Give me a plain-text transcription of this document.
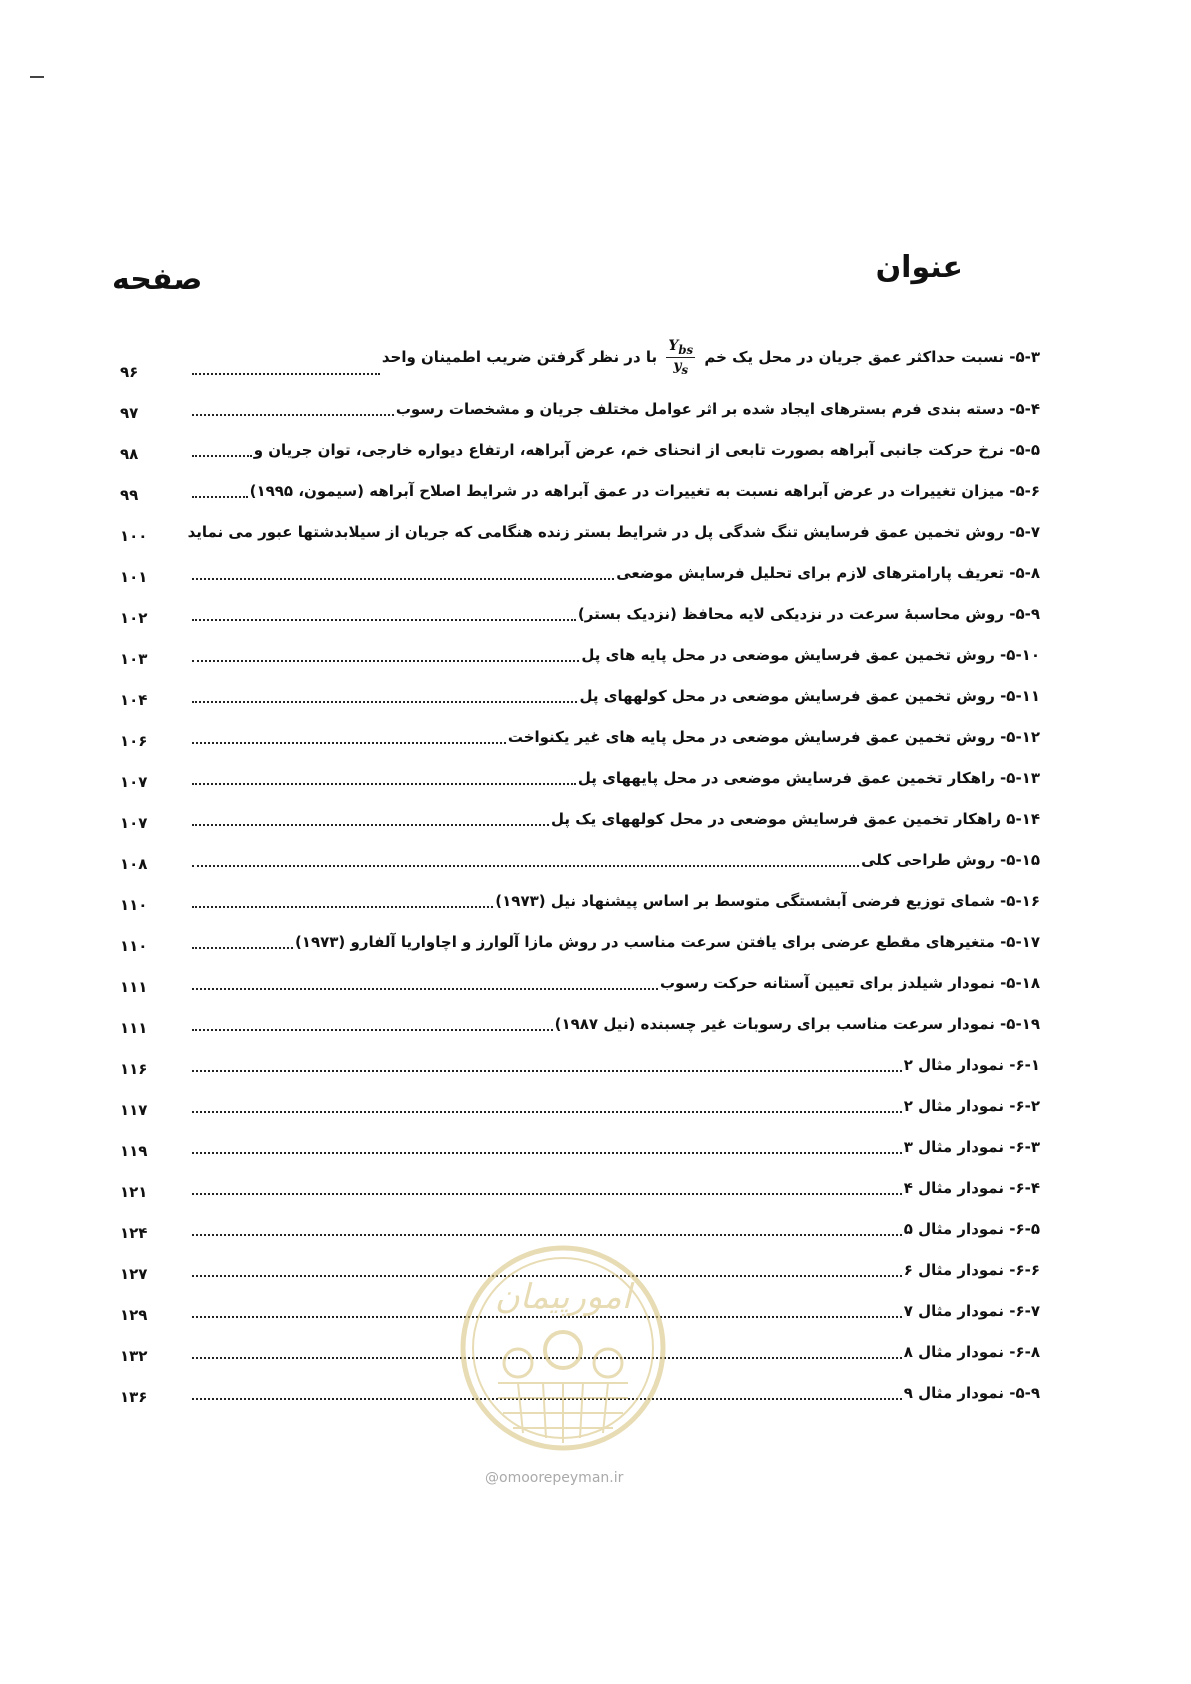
عنوان
صفحه
۵-۳- نسبت حداکثر عمق جریان در محل یک خم
$\frac{Y_{bs}}{y_s}$
با در نظر گرفتن ضریب اطمینان واحد
۹۶
۵-۴- دسته بندی فرم بسترهای ایجاد شده بر اثر عوامل مختلف جریان و مشخصات رسوب
۹۷
۵-۵- نرخ حرکت جانبی آبراهه بصورت تابعی از انحنای خم، عرض آبراهه، ارتفاع دیواره خارجی، توان جریان و
۹۸
۵-۶- میزان تغییرات در عرض آبراهه نسبت به تغییرات در عمق آبراهه در شرایط اصلاح آبراهه (سیمون، ۱۹۹۵)
۹۹
۵-۷- روش تخمین عمق فرسایش تنگ شدگی پل در شرایط بستر زنده هنگامی که جریان از سیلابدشتها عبور می نماید
۱۰۰
۵-۸- تعریف پارامترهای لازم برای تحلیل فرسایش موضعی
۱۰۱
۵-۹- روش محاسبهٔ سرعت در نزدیکی لایه محافظ (نزدیک بستر)
۱۰۲
۵-۱۰- روش تخمین عمق فرسایش موضعی در محل پایه های پل
۱۰۳
۵-۱۱- روش تخمین عمق فرسایش موضعی در محل کولههای پل
۱۰۴
۵-۱۲- روش تخمین عمق فرسایش موضعی در محل پایه های غیر یکنواخت
۱۰۶
۵-۱۳- راهکار تخمین عمق فرسایش موضعی در محل پایههای پل
۱۰۷
۵-۱۴ راهکار تخمین عمق فرسایش موضعی در محل کولههای یک پل
۱۰۷
۵-۱۵- روش طراحی کلی
۱۰۸
۵-۱۶- شمای توزیع فرضی آبشستگی متوسط بر اساس پیشنهاد نیل (۱۹۷۳)
۱۱۰
۵-۱۷- متغیرهای مقطع عرضی برای یافتن سرعت مناسب در روش مازا آلوارز و اچاواریا آلفارو (۱۹۷۳)
۱۱۰
۵-۱۸- نمودار شیلدز برای تعیین آستانه حرکت رسوب
۱۱۱
۵-۱۹- نمودار سرعت مناسب برای رسوبات غیر چسبنده (نیل ۱۹۸۷)
۱۱۱
۶-۱- نمودار مثال ۲
۱۱۶
۶-۲- نمودار مثال ۲
۱۱۷
۶-۳- نمودار مثال ۳
۱۱۹
۶-۴- نمودار مثال ۴
۱۲۱
۶-۵- نمودار مثال ۵
۱۲۴
۶-۶- نمودار مثال ۶
۱۲۷
۶-۷- نمودار مثال ۷
۱۲۹
۶-۸- نمودار مثال ۸
۱۳۲
۵-۹- نمودار مثال ۹
۱۳۶
امورپیمان
@omoorepeyman.ir
